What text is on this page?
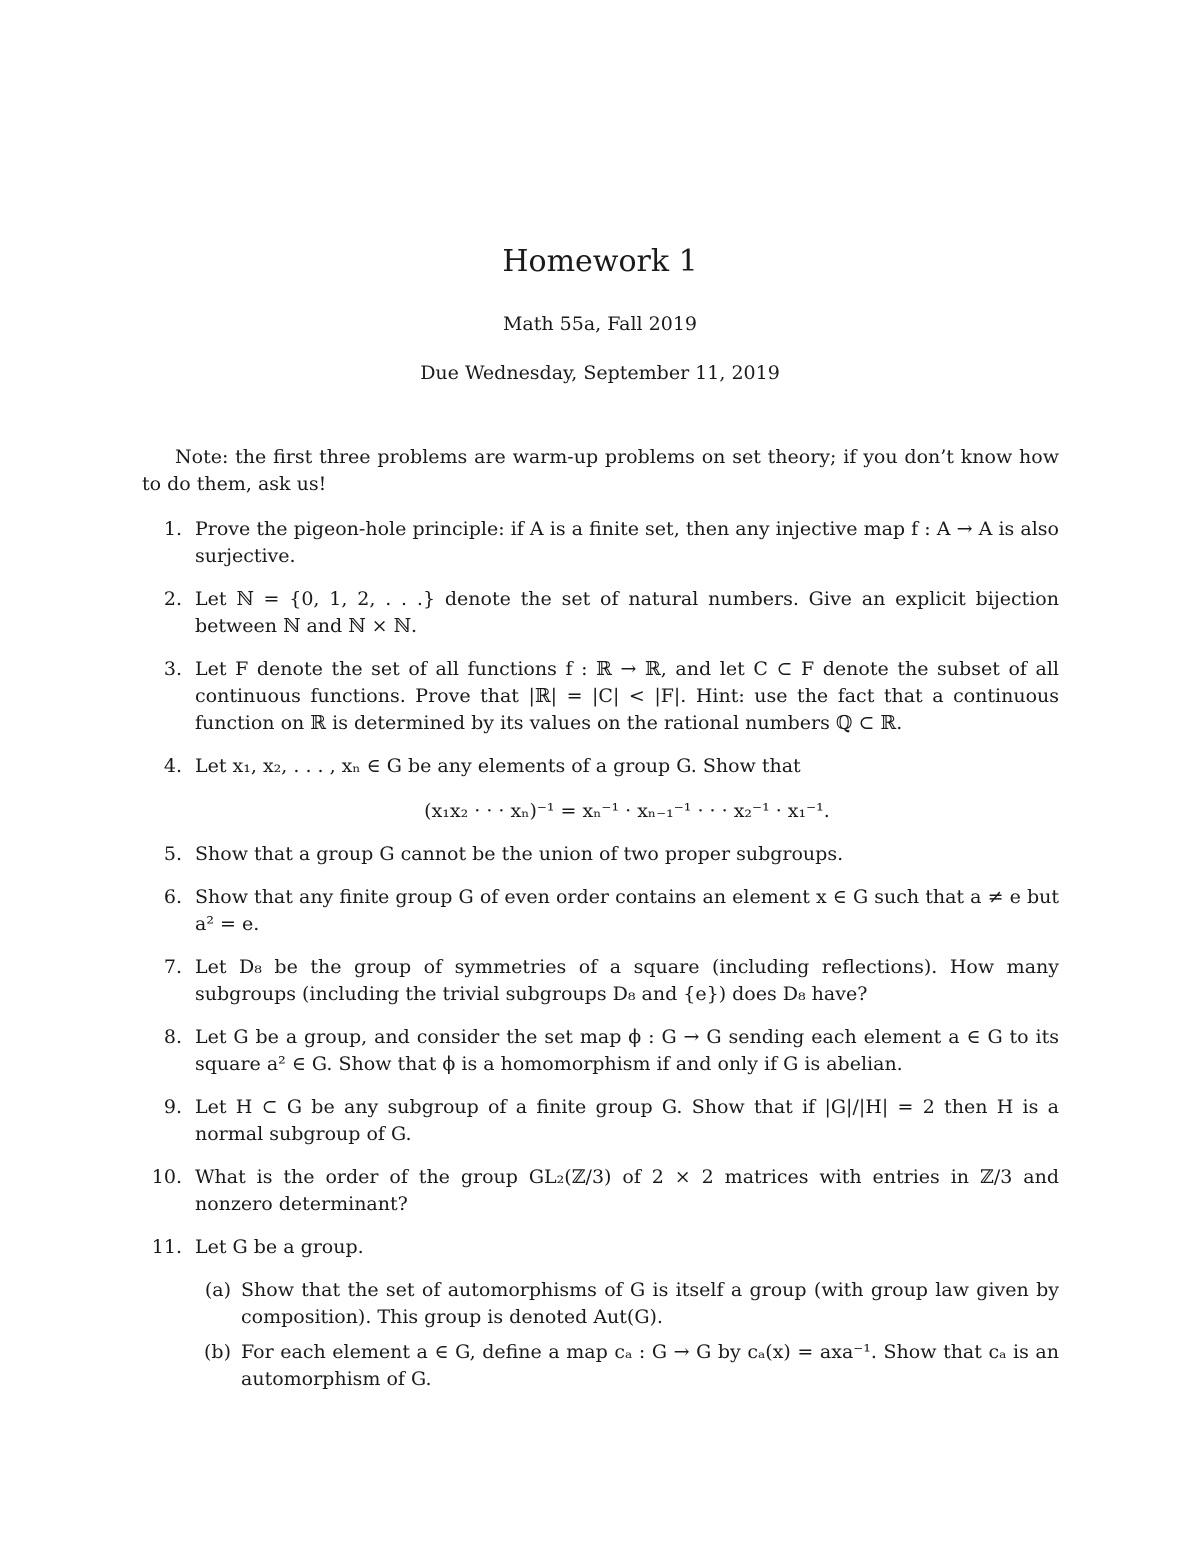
Homework 1
Math 55a, Fall 2019
Due Wednesday, September 11, 2019

Note: the first three problems are warm-up problems on set theory; if you don’t know how to do them, ask us!

1. Prove the pigeon-hole principle: if A is a finite set, then any injective map f : A → A is also surjective.
2. Let ℕ = {0, 1, 2, . . .} denote the set of natural numbers. Give an explicit bijection between ℕ and ℕ × ℕ.
3. Let F denote the set of all functions f : ℝ → ℝ, and let C ⊂ F denote the subset of all continuous functions. Prove that |ℝ| = |C| < |F|. Hint: use the fact that a continuous function on ℝ is determined by its values on the rational numbers ℚ ⊂ ℝ.
4. Let x₁, x₂, . . . , xₙ ∈ G be any elements of a group G. Show that
(x₁x₂ · · · xₙ)⁻¹ = xₙ⁻¹ · xₙ₋₁⁻¹ · · · x₂⁻¹ · x₁⁻¹.
5. Show that a group G cannot be the union of two proper subgroups.
6. Show that any finite group G of even order contains an element x ∈ G such that a ≠ e but a² = e.
7. Let D₈ be the group of symmetries of a square (including reflections). How many subgroups (including the trivial subgroups D₈ and {e}) does D₈ have?
8. Let G be a group, and consider the set map ϕ : G → G sending each element a ∈ G to its square a² ∈ G. Show that ϕ is a homomorphism if and only if G is abelian.
9. Let H ⊂ G be any subgroup of a finite group G. Show that if |G|/|H| = 2 then H is a normal subgroup of G.
10. What is the order of the group GL₂(ℤ/3) of 2 × 2 matrices with entries in ℤ/3 and nonzero determinant?
11. Let G be a group.
(a) Show that the set of automorphisms of G is itself a group (with group law given by composition). This group is denoted Aut(G).
(b) For each element a ∈ G, define a map cₐ : G → G by cₐ(x) = axa⁻¹. Show that cₐ is an automorphism of G.
